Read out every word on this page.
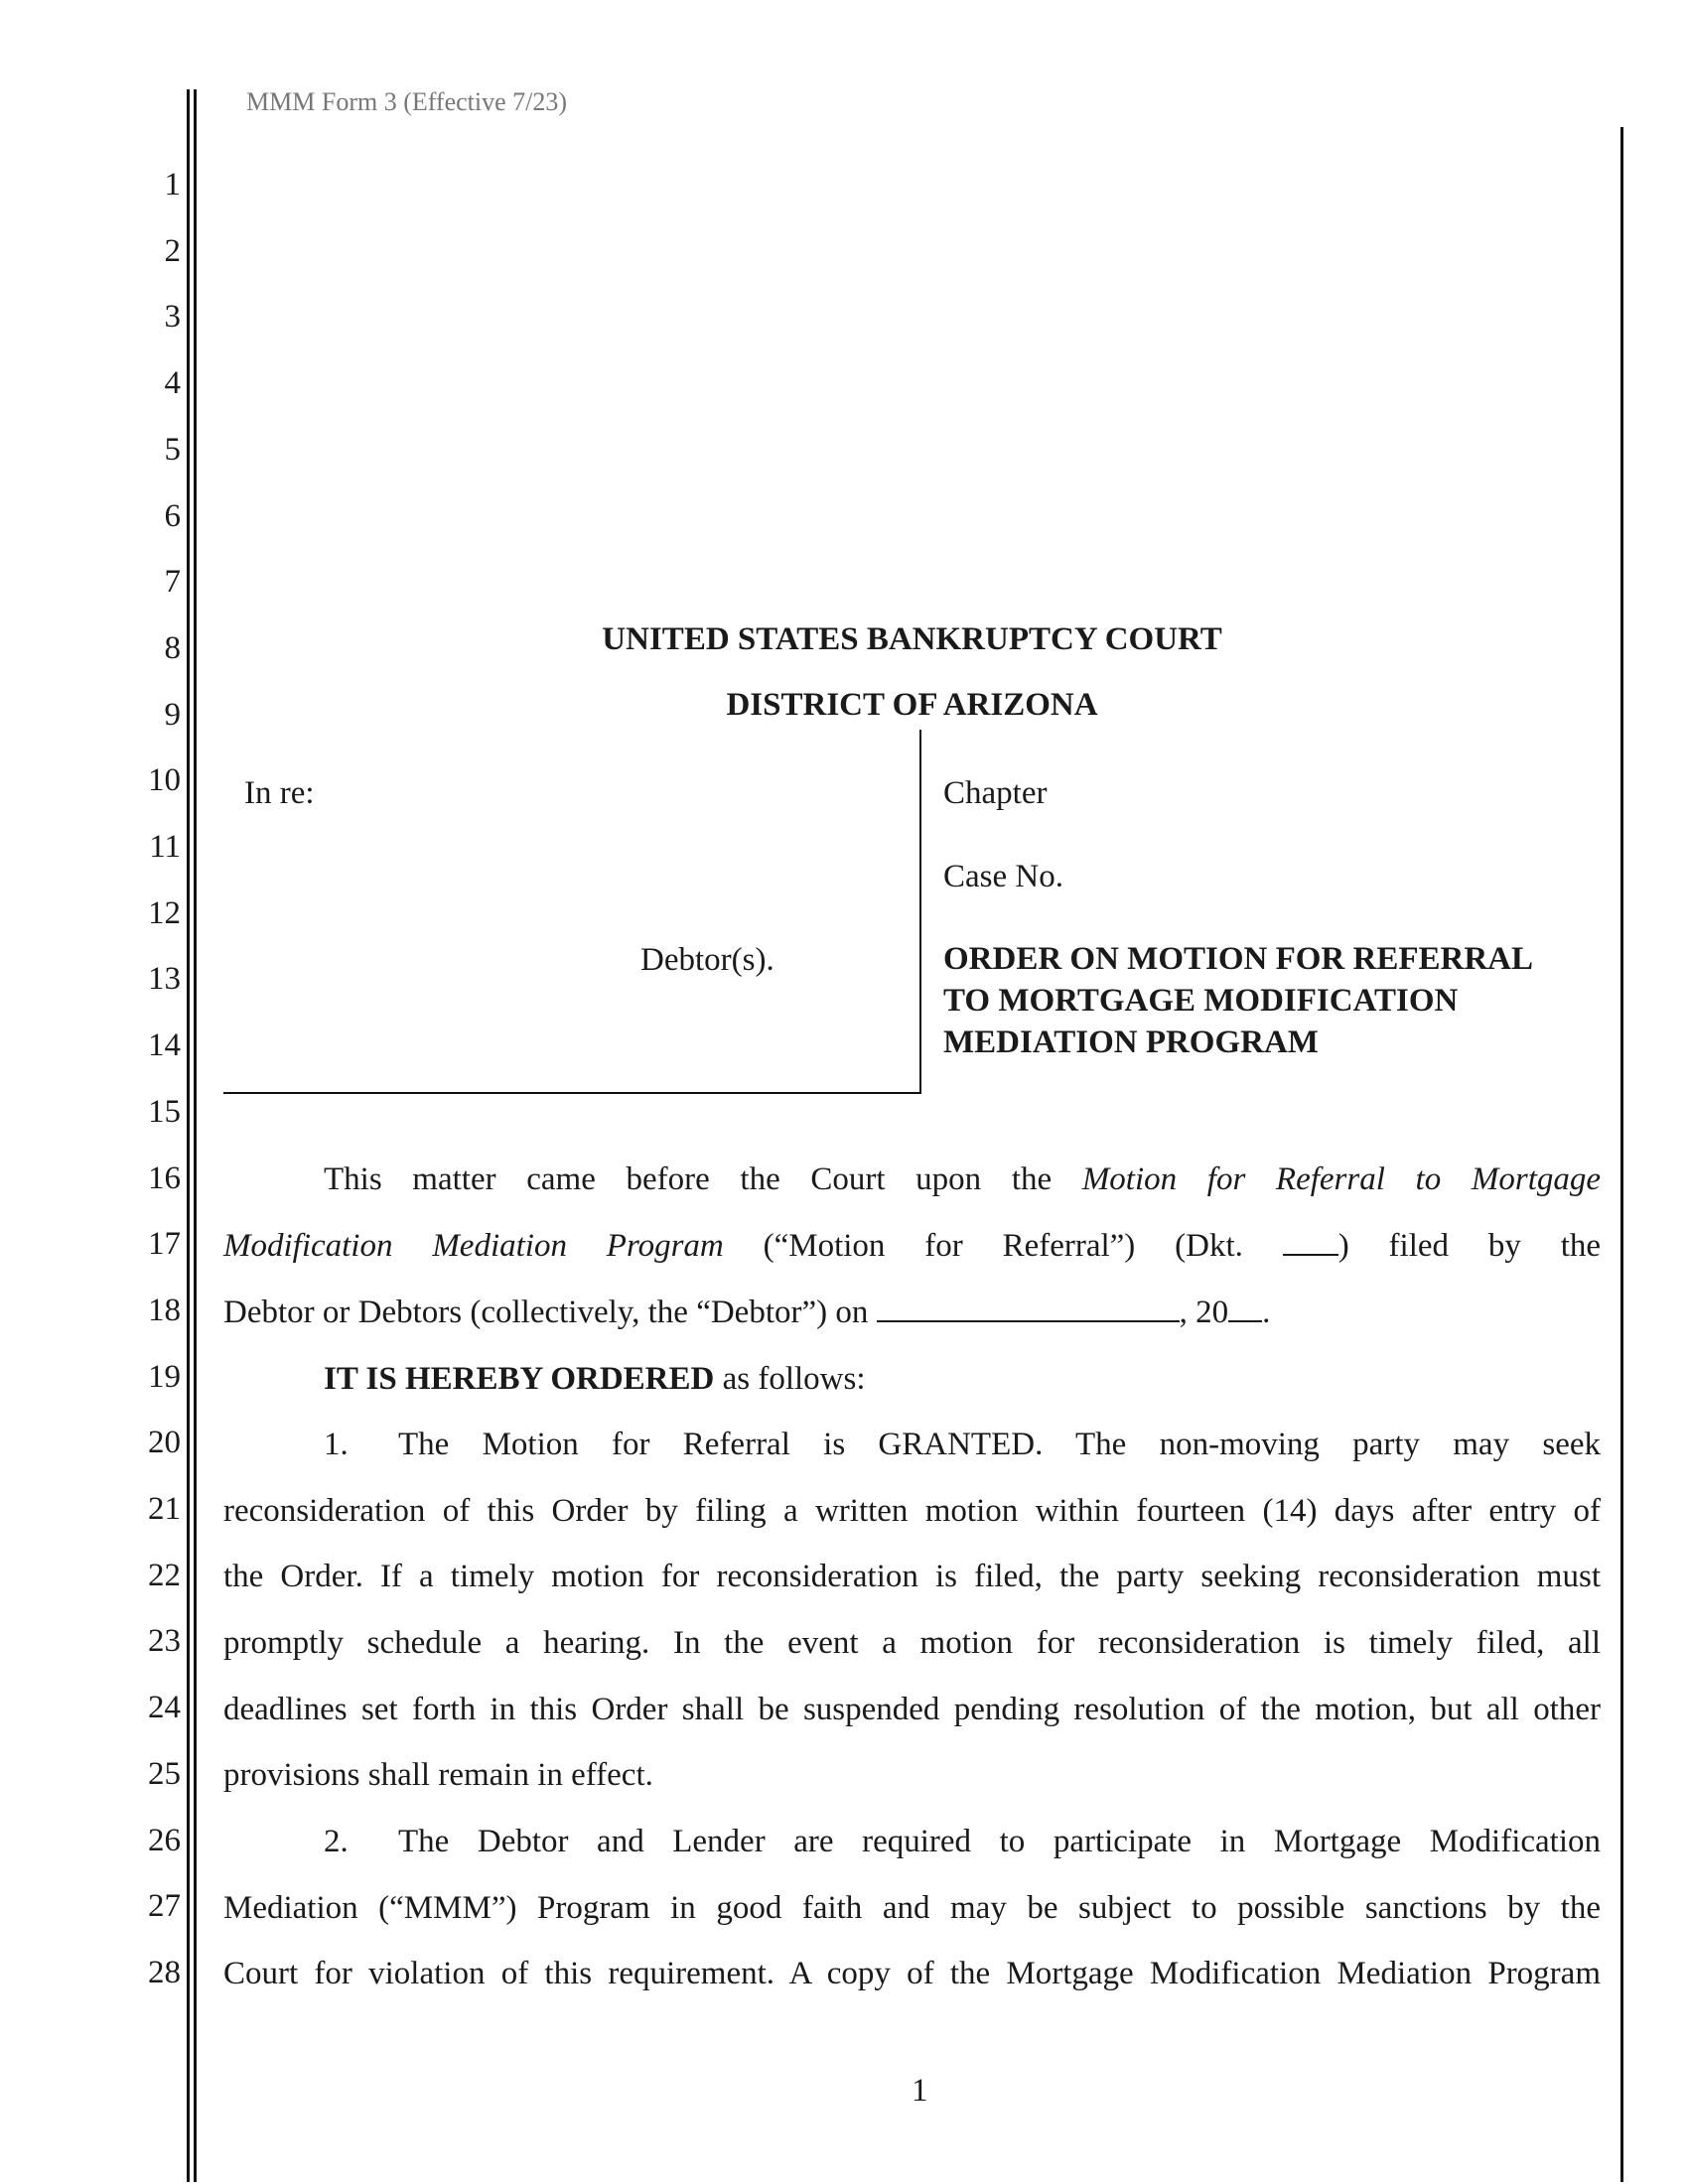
MMM Form 3 (Effective 7/23)
1
2
3
4
5
6
7
8
9
10
11
12
13
14
15
16
17
18
19
20
21
22
23
24
25
26
27
28
UNITED STATES BANKRUPTCY COURT
DISTRICT OF ARIZONA
In re:
Debtor(s).
Chapter
Case No.
ORDER ON MOTION FOR REFERRAL
TO MORTGAGE MODIFICATION
MEDIATION PROGRAM
This matter came before the Court upon the Motion for Referral to Mortgage
Modification Mediation Program (“Motion for Referral”) (Dkt.	) filed by the
Debtor or Debtors (collectively, the “Debtor”) on	, 20 .
IT IS HEREBY ORDERED as follows:
1. The Motion for Referral is GRANTED. The non-moving party may seek
reconsideration of this Order by filing a written motion within fourteen (14) days after entry of
the Order. If a timely motion for reconsideration is filed, the party seeking reconsideration must
promptly schedule a hearing. In the event a motion for reconsideration is timely filed, all
deadlines set forth in this Order shall be suspended pending resolution of the motion, but all other
provisions shall remain in effect.
2. The Debtor and Lender are required to participate in Mortgage Modification
Mediation (“MMM”) Program in good faith and may be subject to possible sanctions by the
Court for violation of this requirement. A copy of the Mortgage Modification Mediation Program
1
